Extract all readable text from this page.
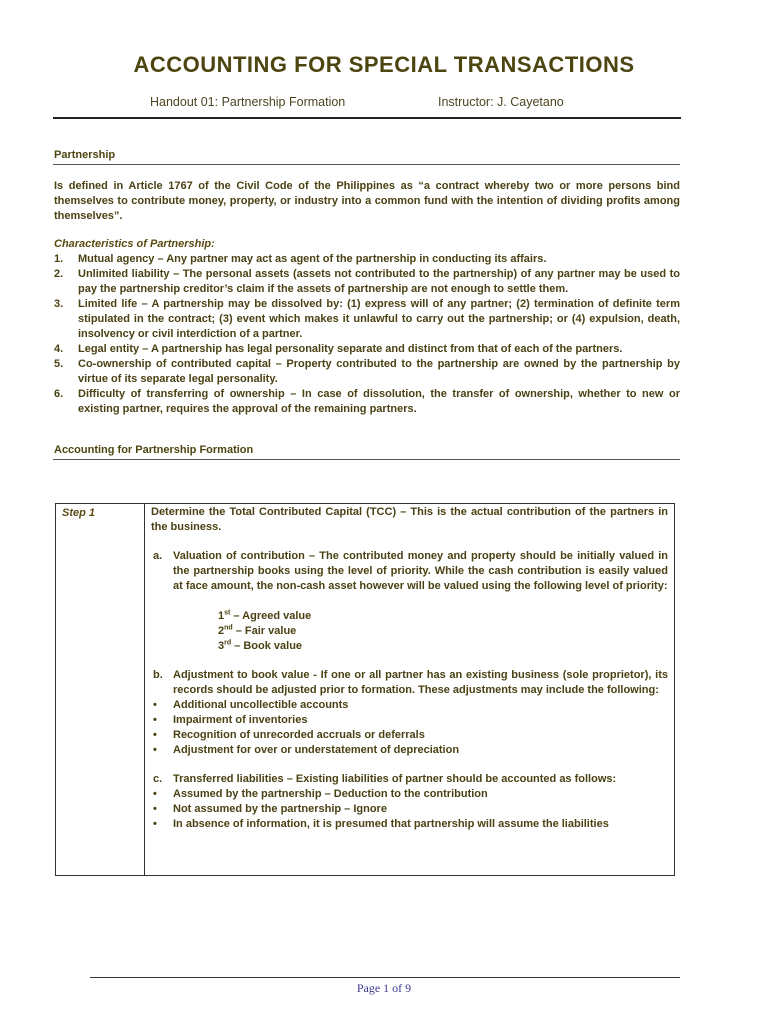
ACCOUNTING FOR SPECIAL TRANSACTIONS
Handout 01: Partnership Formation	Instructor: J. Cayetano
Partnership

Is defined in Article 1767 of the Civil Code of the Philippines as “a contract whereby two or more persons bind themselves to contribute money, property, or industry into a common fund with the intention of dividing profits among themselves”.

Characteristics of Partnership:
1. Mutual agency – Any partner may act as agent of the partnership in conducting its affairs.
2. Unlimited liability – The personal assets (assets not contributed to the partnership) of any partner may be used to pay the partnership creditor’s claim if the assets of partnership are not enough to settle them.
3. Limited life – A partnership may be dissolved by: (1) express will of any partner; (2) termination of definite term stipulated in the contract; (3) event which makes it unlawful to carry out the partnership; or (4) expulsion, death, insolvency or civil interdiction of a partner.
4. Legal entity – A partnership has legal personality separate and distinct from that of each of the partners.
5. Co-ownership of contributed capital – Property contributed to the partnership are owned by the partnership by virtue of its separate legal personality.
6. Difficulty of transferring of ownership – In case of dissolution, the transfer of ownership, whether to new or existing partner, requires the approval of the remaining partners.
Accounting for Partnership Formation
Step 1	Determine the Total Contributed Capital (TCC) – This is the actual contribution of the partners in the business.
a. Valuation of contribution – The contributed money and property should be initially valued in the partnership books using the level of priority. While the cash contribution is easily valued at face amount, the non-cash asset however will be valued using the following level of priority:
1st – Agreed value
2nd – Fair value
3rd – Book value
b. Adjustment to book value - If one or all partner has an existing business (sole proprietor), its records should be adjusted prior to formation. These adjustments may include the following:
• Additional uncollectible accounts
• Impairment of inventories
• Recognition of unrecorded accruals or deferrals
• Adjustment for over or understatement of depreciation
c. Transferred liabilities – Existing liabilities of partner should be accounted as follows:
• Assumed by the partnership – Deduction to the contribution
• Not assumed by the partnership – Ignore
• In absence of information, it is presumed that partnership will assume the liabilities
Page 1 of 9
